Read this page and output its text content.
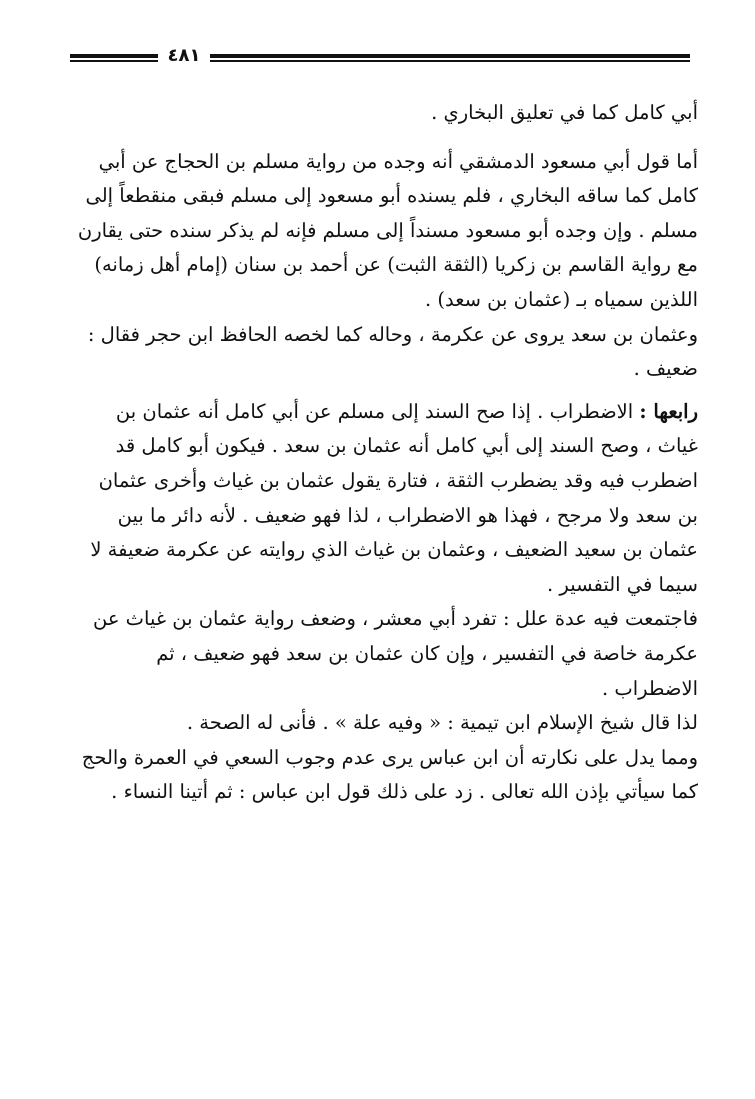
٤٨١
أبي كامل كما في تعليق البخاري .
أما قول أبي مسعود الدمشقي أنه وجده من رواية مسلم بن الحجاج عن أبي
كامل كما ساقه البخاري ، فلم يسنده أبو مسعود إلى مسلم فبقى منقطعاً إلى
مسلم . وإن وجده أبو مسعود مسنداً إلى مسلم فإنه لم يذكر سنده حتى يقارن
مع رواية القاسم بن زكريا (الثقة الثبت) عن أحمد بن سنان (إمام أهل زمانه)
اللذين سمياه بـ (عثمان بن سعد) .
وعثمان بن سعد يروى عن عكرمة ، وحاله كما لخصه الحافظ ابن حجر فقال :
ضعيف .
رابعها : الاضطراب . إذا صح السند إلى مسلم عن أبي كامل أنه عثمان بن
غياث ، وصح السند إلى أبي كامل أنه عثمان بن سعد . فيكون أبو كامل قد
اضطرب فيه وقد يضطرب الثقة ، فتارة يقول عثمان بن غياث وأخرى عثمان
بن سعد ولا مرجح ، فهذا هو الاضطراب ، لذا فهو ضعيف . لأنه دائر ما بين
عثمان بن سعيد الضعيف ، وعثمان بن غياث الذي روايته عن عكرمة ضعيفة لا
سيما في التفسير .
فاجتمعت فيه عدة علل : تفرد أبي معشر ، وضعف رواية عثمان بن غياث عن
عكرمة خاصة في التفسير ، وإن كان عثمان بن سعد فهو ضعيف ، ثم
الاضطراب .
لذا قال شيخ الإسلام ابن تيمية : « وفيه علة » . فأنى له الصحة .
ومما يدل على نكارته أن ابن عباس يرى عدم وجوب السعي في العمرة والحج
كما سيأتي بإذن الله تعالى . زد على ذلك قول ابن عباس : ثم أتينا النساء .
